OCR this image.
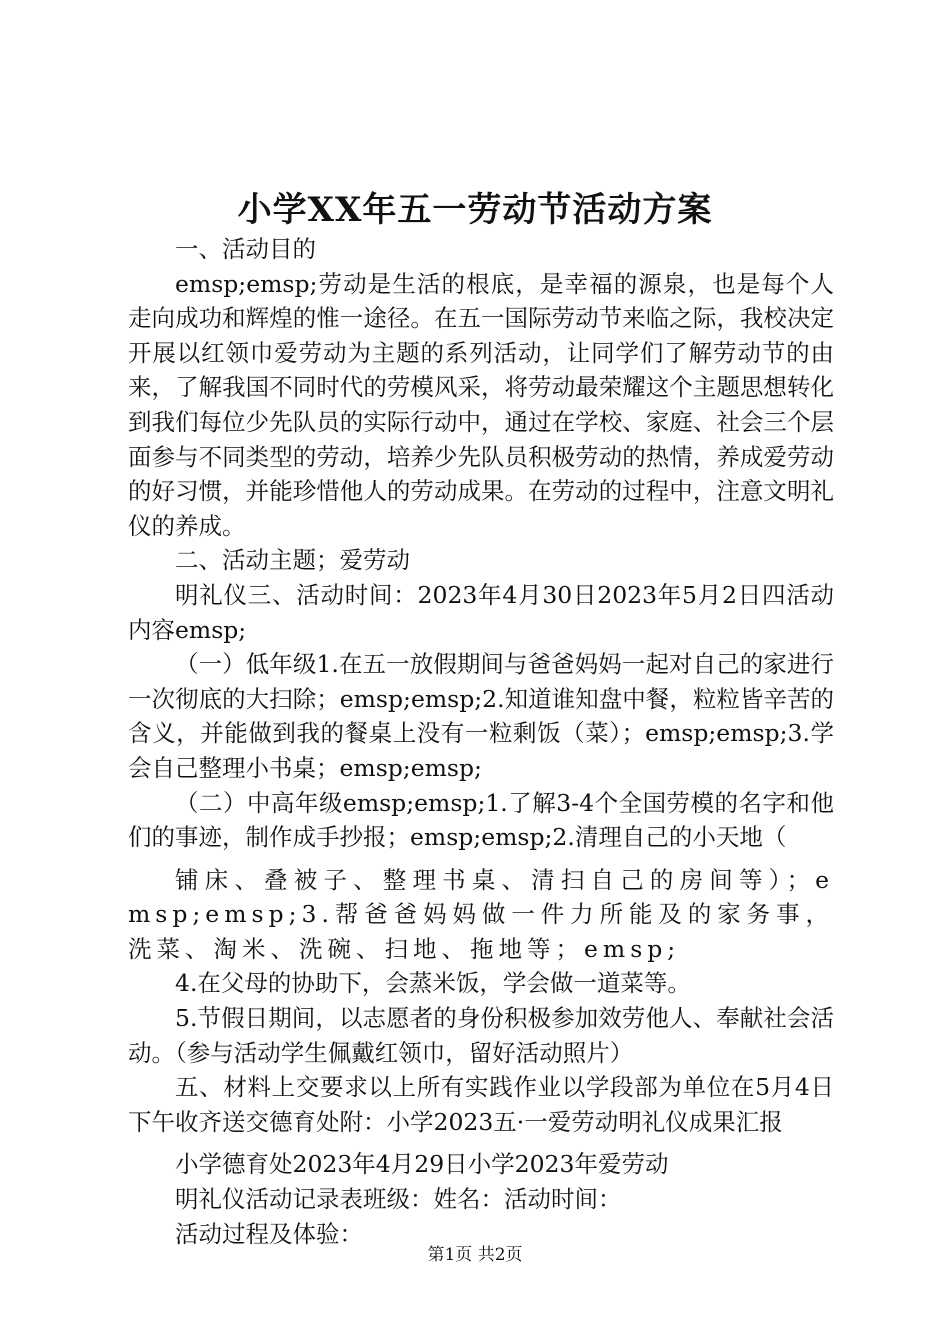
小学XX年五一劳动节活动方案

一、活动目的

emsp;emsp;劳动是生活的根底，是幸福的源泉，也是每个人走向成功和辉煌的惟一途径。在五一国际劳动节来临之际，我校决定开展以红领巾爱劳动为主题的系列活动，让同学们了解劳动节的由来，了解我国不同时代的劳模风采，将劳动最荣耀这个主题思想转化到我们每位少先队员的实际行动中，通过在学校、家庭、社会三个层面参与不同类型的劳动，培养少先队员积极劳动的热情，养成爱劳动的好习惯，并能珍惜他人的劳动成果。在劳动的过程中，注意文明礼仪的养成。

二、活动主题；爱劳动

明礼仪三、活动时间：2023年4月30日2023年5月2日四活动内容emsp;

（一）低年级1.在五一放假期间与爸爸妈妈一起对自己的家进行一次彻底的大扫除；emsp;emsp;2.知道谁知盘中餐，粒粒皆辛苦的含义，并能做到我的餐桌上没有一粒剩饭（菜）；emsp;emsp;3.学会自己整理小书桌；emsp;emsp;

（二）中高年级emsp;emsp;1.了解3-4个全国劳模的名字和他们的事迹，制作成手抄报；emsp;emsp;2.清理自己的小天地（

铺床、叠被子、整理书桌、清扫自己的房间等）；emsp;emsp;3.帮爸爸妈妈做一件力所能及的家务事，洗菜、淘米、洗碗、扫地、拖地等；emsp;

4.在父母的协助下，会蒸米饭，学会做一道菜等。

5.节假日期间，以志愿者的身份积极参加效劳他人、奉献社会活动。（参与活动学生佩戴红领巾，留好活动照片）

五、材料上交要求以上所有实践作业以学段部为单位在5月4日下午收齐送交德育处附：小学2023五·一爱劳动明礼仪成果汇报

小学德育处2023年4月29日小学2023年爱劳动

明礼仪活动记录表班级：姓名：活动时间：

活动过程及体验：

第1页 共2页
